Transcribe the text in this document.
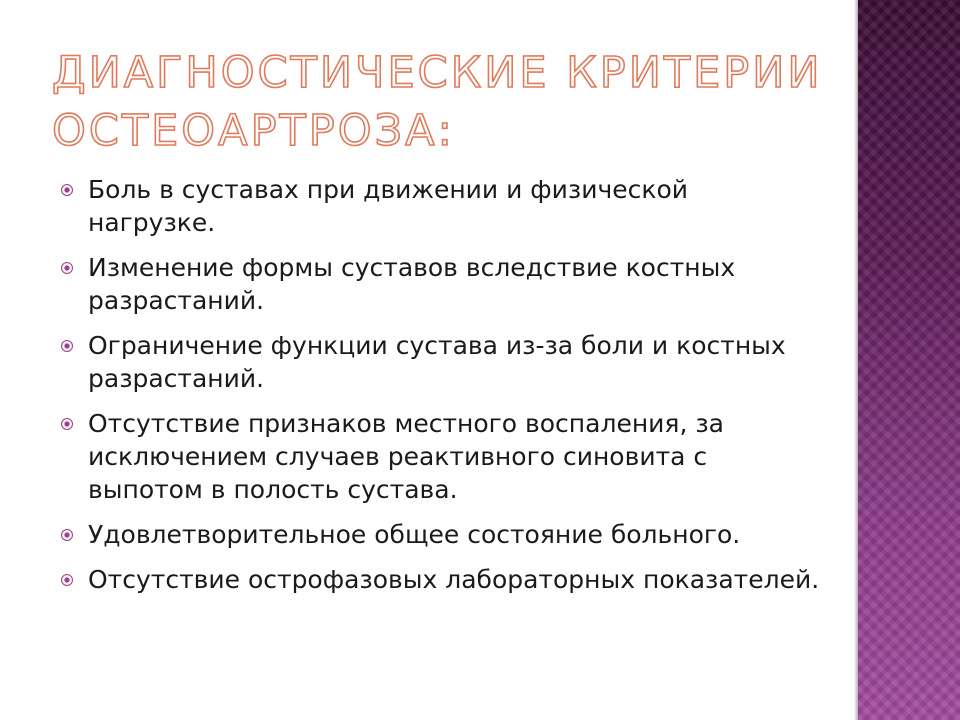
ДИАГНОСТИЧЕСКИЕ КРИТЕРИИ ОСТЕОАРТРОЗА:
Боль в суставах при движении и физической нагрузке.
Изменение формы суставов вследствие костных разрастаний.
Ограничение функции сустава из-за боли и костных разрастаний.
Отсутствие признаков местного воспаления, за исключением случаев реактивного синовита с выпотом в полость сустава.
Удовлетворительное общее состояние больного.
Отсутствие острофазовых лабораторных показателей.
